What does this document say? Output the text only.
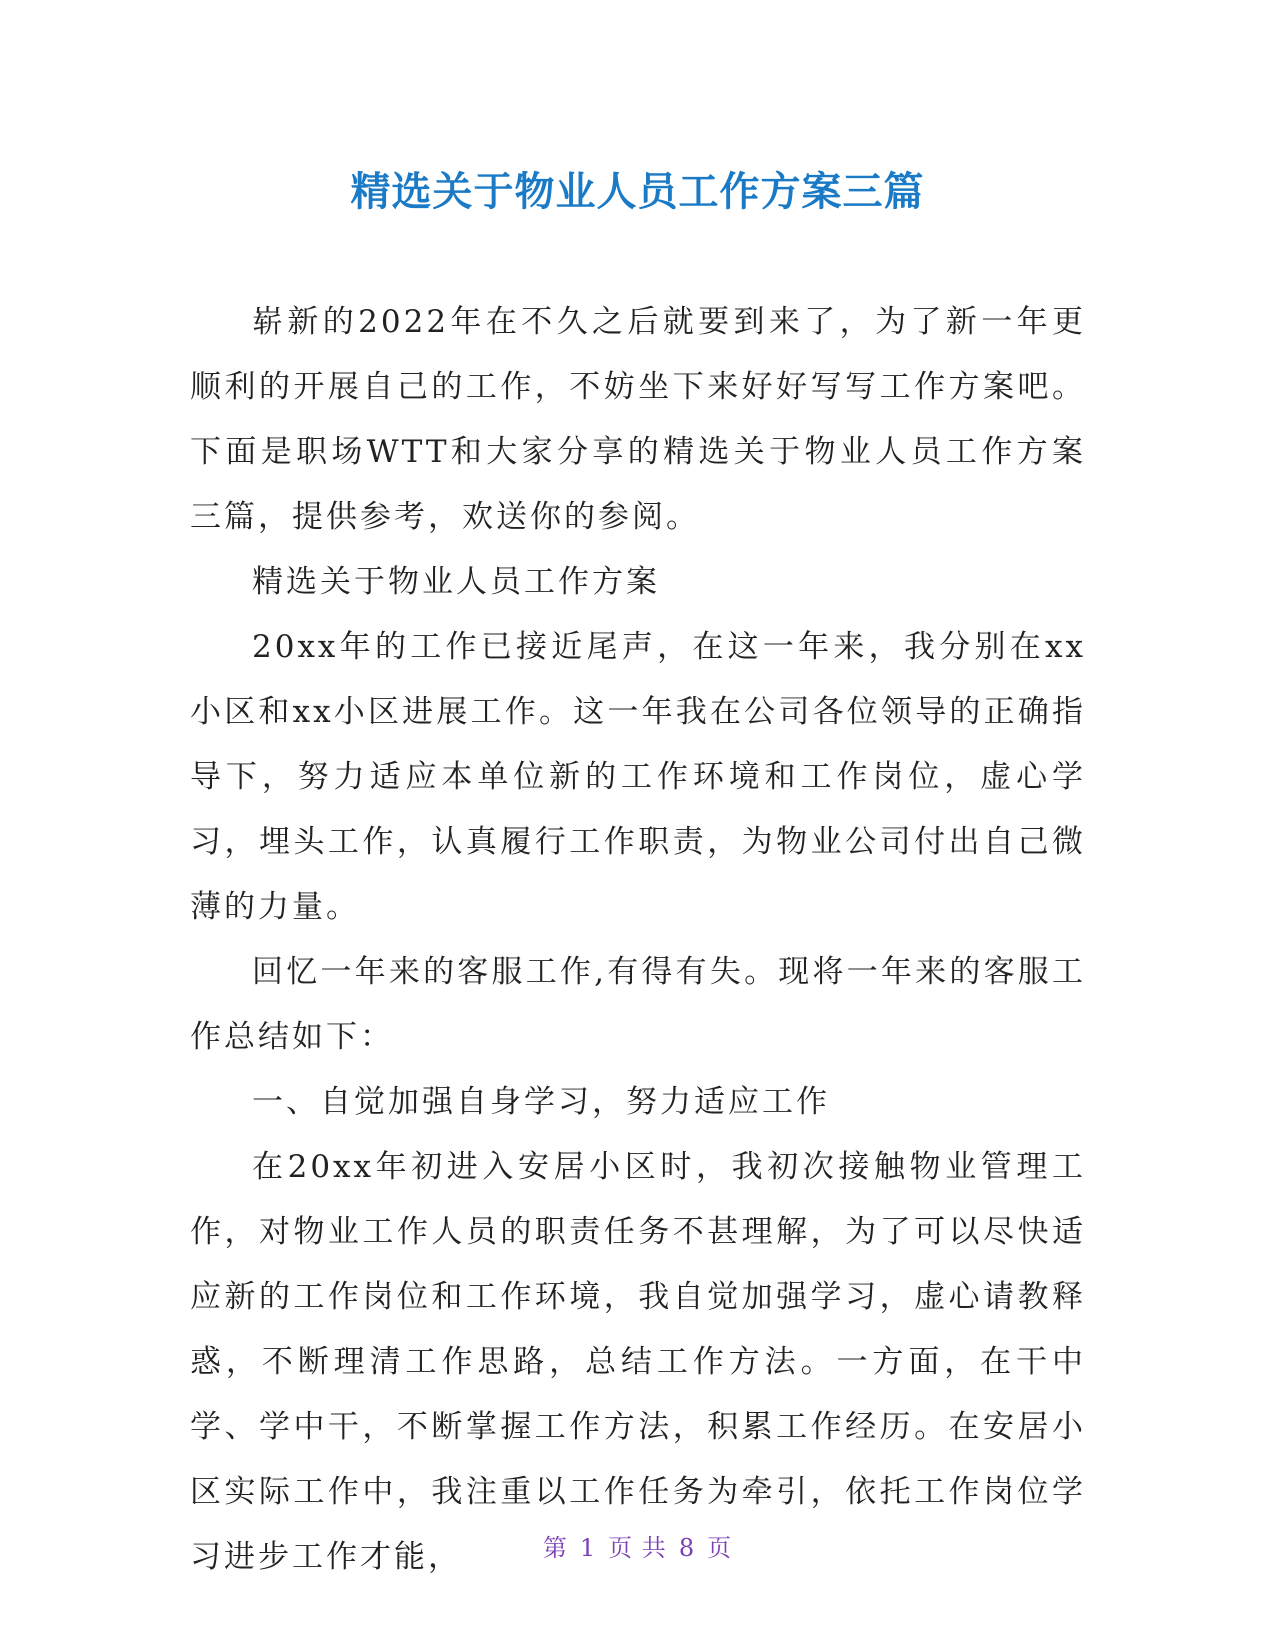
精选关于物业人员工作方案三篇

崭新的2022年在不久之后就要到来了，为了新一年更顺利的开展自己的工作，不妨坐下来好好写写工作方案吧。下面是职场WTT和大家分享的精选关于物业人员工作方案三篇，提供参考，欢送你的参阅。

精选关于物业人员工作方案

20xx年的工作已接近尾声，在这一年来，我分别在xx小区和xx小区进展工作。这一年我在公司各位领导的正确指导下，努力适应本单位新的工作环境和工作岗位，虚心学习，埋头工作，认真履行工作职责，为物业公司付出自己微薄的力量。

回忆一年来的客服工作,有得有失。现将一年来的客服工作总结如下：

一、自觉加强自身学习，努力适应工作

在20xx年初进入安居小区时，我初次接触物业管理工作，对物业工作人员的职责任务不甚理解，为了可以尽快适应新的工作岗位和工作环境，我自觉加强学习，虚心请教释惑，不断理清工作思路，总结工作方法。一方面，在干中学、学中干，不断掌握工作方法，积累工作经历。在安居小区实际工作中，我注重以工作任务为牵引，依托工作岗位学习进步工作才能，	第 1 页 共 8 页
